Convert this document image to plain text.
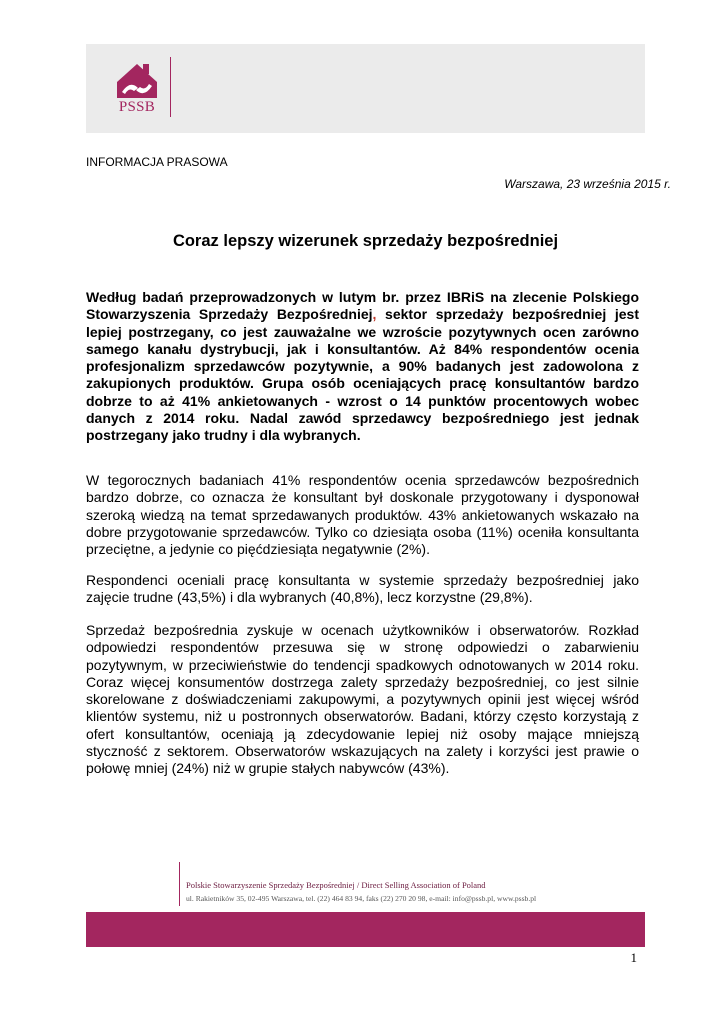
PSSB
INFORMACJA PRASOWA
Warszawa, 23 września 2015 r.
Coraz lepszy wizerunek sprzedaży bezpośredniej

Według badań przeprowadzonych w lutym br. przez IBRiS na zlecenie Polskiego Stowarzyszenia Sprzedaży Bezpośredniej, sektor sprzedaży bezpośredniej jest lepiej postrzegany, co jest zauważalne we wzroście pozytywnych ocen zarówno samego kanału dystrybucji, jak i konsultantów. Aż 84% respondentów ocenia profesjonalizm sprzedawców pozytywnie, a 90% badanych jest zadowolona z zakupionych produktów. Grupa osób oceniających pracę konsultantów bardzo dobrze to aż 41% ankietowanych - wzrost o 14 punktów procentowych wobec danych z 2014 roku. Nadal zawód sprzedawcy bezpośredniego jest jednak postrzegany jako trudny i dla wybranych.

W tegorocznych badaniach 41% respondentów ocenia sprzedawców bezpośrednich bardzo dobrze, co oznacza że konsultant był doskonale przygotowany i dysponował szeroką wiedzą na temat sprzedawanych produktów. 43% ankietowanych wskazało na dobre przygotowanie sprzedawców. Tylko co dziesiąta osoba (11%) oceniła konsultanta przeciętne, a jedynie co pięćdziesiąta negatywnie (2%).

Respondenci oceniali pracę konsultanta w systemie sprzedaży bezpośredniej jako zajęcie trudne (43,5%) i dla wybranych (40,8%), lecz korzystne (29,8%).

Sprzedaż bezpośrednia zyskuje w ocenach użytkowników i obserwatorów. Rozkład odpowiedzi respondentów przesuwa się w stronę odpowiedzi o zabarwieniu pozytywnym, w przeciwieństwie do tendencji spadkowych odnotowanych w 2014 roku. Coraz więcej konsumentów dostrzega zalety sprzedaży bezpośredniej, co jest silnie skorelowane z doświadczeniami zakupowymi, a pozytywnych opinii jest więcej wśród klientów systemu, niż u postronnych obserwatorów. Badani, którzy często korzystają z ofert konsultantów, oceniają ją zdecydowanie lepiej niż osoby mające mniejszą styczność z sektorem. Obserwatorów wskazujących na zalety i korzyści jest prawie o połowę mniej (24%) niż w grupie stałych nabywców (43%).

Polskie Stowarzyszenie Sprzedaży Bezpośredniej / Direct Selling Association of Poland
ul. Rakietników 35, 02-495 Warszawa, tel. (22) 464 83 94, faks (22) 270 20 98, e-mail: info@pssb.pl, www.pssb.pl
1
